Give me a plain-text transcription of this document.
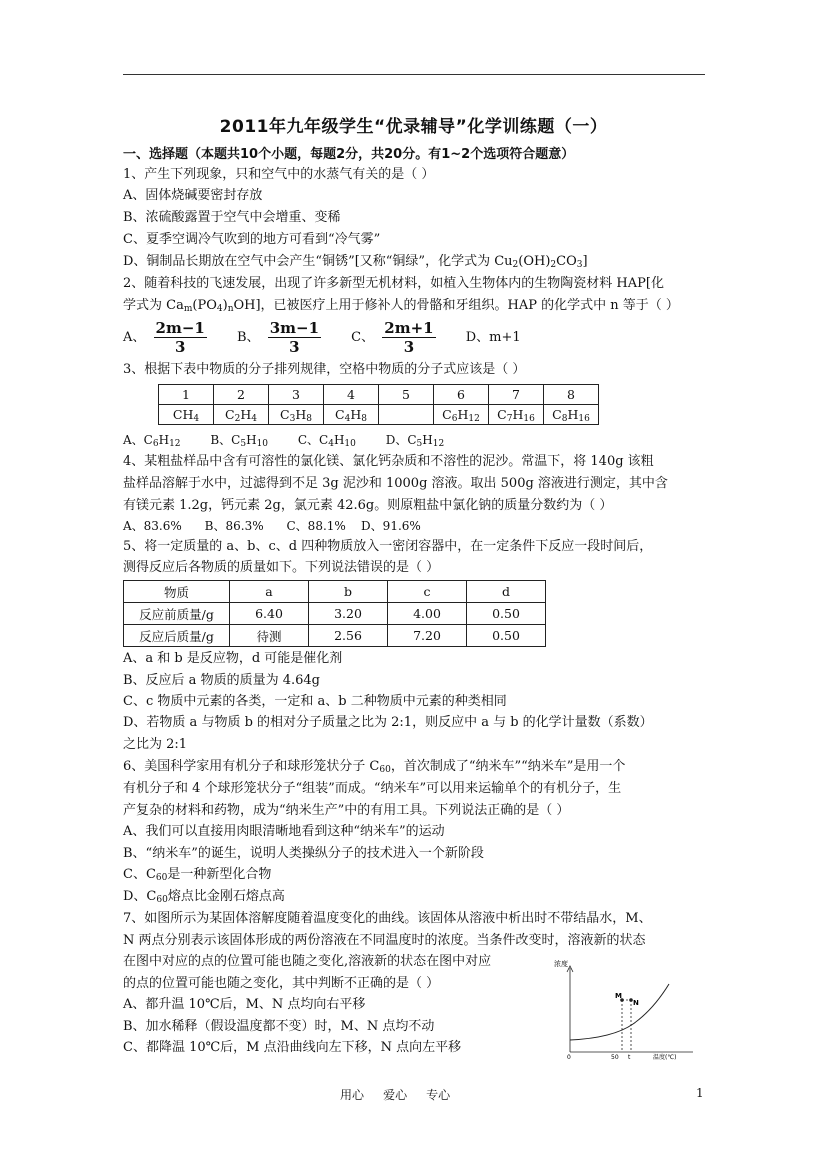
2011年九年级学生“优录辅导”化学训练题（一）
一、选择题（本题共10个小题，每题2分，共20分。有1~2个选项符合题意）
1、产生下列现象，只和空气中的水蒸气有关的是（ ）
A、固体烧碱要密封存放
B、浓硫酸露置于空气中会增重、变稀
C、夏季空调冷气吹到的地方可看到“冷气雾”
D、铜制品长期放在空气中会产生“铜锈”[又称“铜绿”，化学式为 $Cu_2(OH)_2CO_3$]
2、随着科技的飞速发展，出现了许多新型无机材料，如植入生物体内的生物陶瓷材料 HAP[化
学式为 $Ca_m(PO_4)_nOH$]，已被医疗上用于修补人的骨骼和牙组织。HAP 的化学式中 n 等于（ ）
A、 $\frac{2m-1}{3}$ B、 $\frac{3m-1}{3}$ C、 $\frac{2m+1}{3}$ D、m+1
3、根据下表中物质的分子排列规律，空格中物质的分子式应该是（ ）
1	2	3	4	5	6	7	8
$CH_4$	$C_2H_4$	$C_3H_8$	$C_4H_8$		$C_6H_{12}$	$C_7H_{16}$	$C_8H_{16}$
A、$C_6H_{12}$ B、$C_5H_{10}$ C、$C_4H_{10}$ D、$C_5H_{12}$
4、某粗盐样品中含有可溶性的氯化镁、氯化钙杂质和不溶性的泥沙。常温下，将 140g 该粗
盐样品溶解于水中，过滤得到不足 3g 泥沙和 1000g 溶液。取出 500g 溶液进行测定，其中含
有镁元素 1.2g，钙元素 2g，氯元素 42.6g。则原粗盐中氯化钠的质量分数约为（ ）
A、83.6%      B、86.3%      C、88.1%    D、91.6%
5、将一定质量的 a、b、c、d 四种物质放入一密闭容器中，在一定条件下反应一段时间后，
测得反应后各物质的质量如下。下列说法错误的是（ ）
物质	a	b	c	d
反应前质量/g	6.40	3.20	4.00	0.50
反应后质量/g	待测	2.56	7.20	0.50
A、a 和 b 是反应物，d 可能是催化剂
B、反应后 a 物质的质量为 4.64g
C、c 物质中元素的各类，一定和 a、b 二种物质中元素的种类相同
D、若物质 a 与物质 b 的相对分子质量之比为 2:1，则反应中 a 与 b 的化学计量数（系数）
之比为 2:1
6、美国科学家用有机分子和球形笼状分子 $C_{60}$，首次制成了“纳米车”“纳米车”是用一个
有机分子和 4 个球形笼状分子“组装”而成。“纳米车”可以用来运输单个的有机分子，生
产复杂的材料和药物，成为“纳米生产”中的有用工具。下列说法正确的是（ ）
A、我们可以直接用肉眼清晰地看到这种“纳米车”的运动
B、“纳米车”的诞生，说明人类操纵分子的技术进入一个新阶段
C、$C_{60}$是一种新型化合物
D、$C_{60}$熔点比金刚石熔点高
7、如图所示为某固体溶解度随着温度变化的曲线。该固体从溶液中析出时不带结晶水，M、
N 两点分别表示该固体形成的两份溶液在不同温度时的浓度。当条件改变时，溶液新的状态
在图中对应的点的位置可能也随之变化,溶液新的状态在图中对应
的点的位置可能也随之变化，其中判断不正确的是（ ）
A、都升温 10℃后，M、N 点均向右平移
B、加水稀释（假设温度都不变）时，M、N 点均不动
C、都降温 10℃后，M 点沿曲线向左下移，N 点向左平移
浓度
M
N
0	50 t	温度(℃)
用心     爱心     专心	1
